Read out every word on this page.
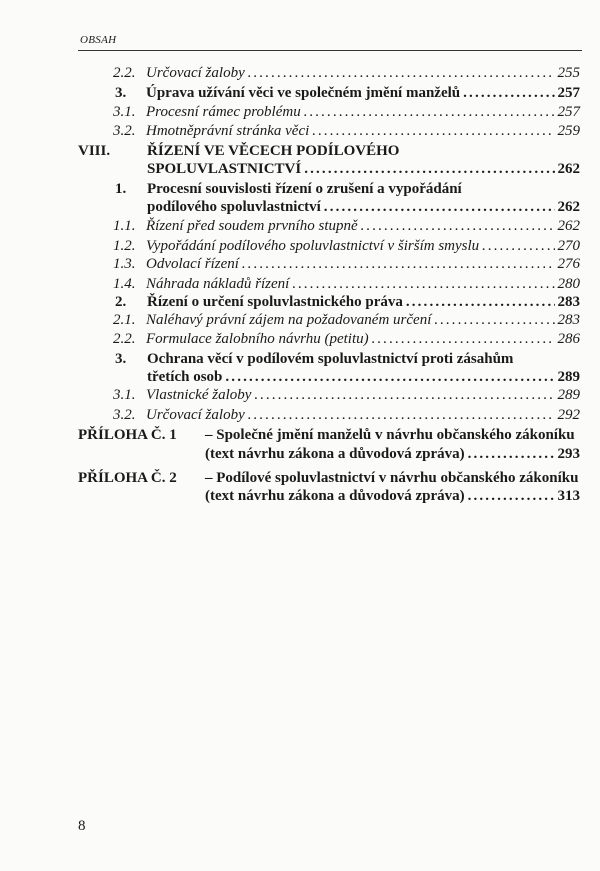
OBSAH
2.2. Určovací žaloby . . .	255
3. Úprava užívání věci ve společném jmění manželů . . .	257
3.1. Procesní rámec problému . . .	257
3.2. Hmotněprávní stránka věci . . .	259
VIII. ŘÍZENÍ VE VĚCECH PODÍLOVÉHO
SPOLUVLASTNICTVÍ . . .	262
1. Procesní souvislosti řízení o zrušení a vypořádání
podílového spoluvlastnictví . . .	262
1.1. Řízení před soudem prvního stupně . . .	262
1.2. Vypořádání podílového spoluvlastnictví v širším smyslu . . .	270
1.3. Odvolací řízení . . .	276
1.4. Náhrada nákladů řízení . . .	280
2. Řízení o určení spoluvlastnického práva . . .	283
2.1. Naléhavý právní zájem na požadovaném určení . . .	283
2.2. Formulace žalobního návrhu (petitu) . . .	286
3. Ochrana věcí v podílovém spoluvlastnictví proti zásahům
třetích osob . . .	289
3.1. Vlastnické žaloby . . .	289
3.2. Určovací žaloby . . .	292
PŘÍLOHA Č. 1 – Společné jmění manželů v návrhu občanského zákoníku
(text návrhu zákona a důvodová zpráva) . . .	293
PŘÍLOHA Č. 2 – Podílové spoluvlastnictví v návrhu občanského zákoníku
(text návrhu zákona a důvodová zpráva) . . .	313
8
